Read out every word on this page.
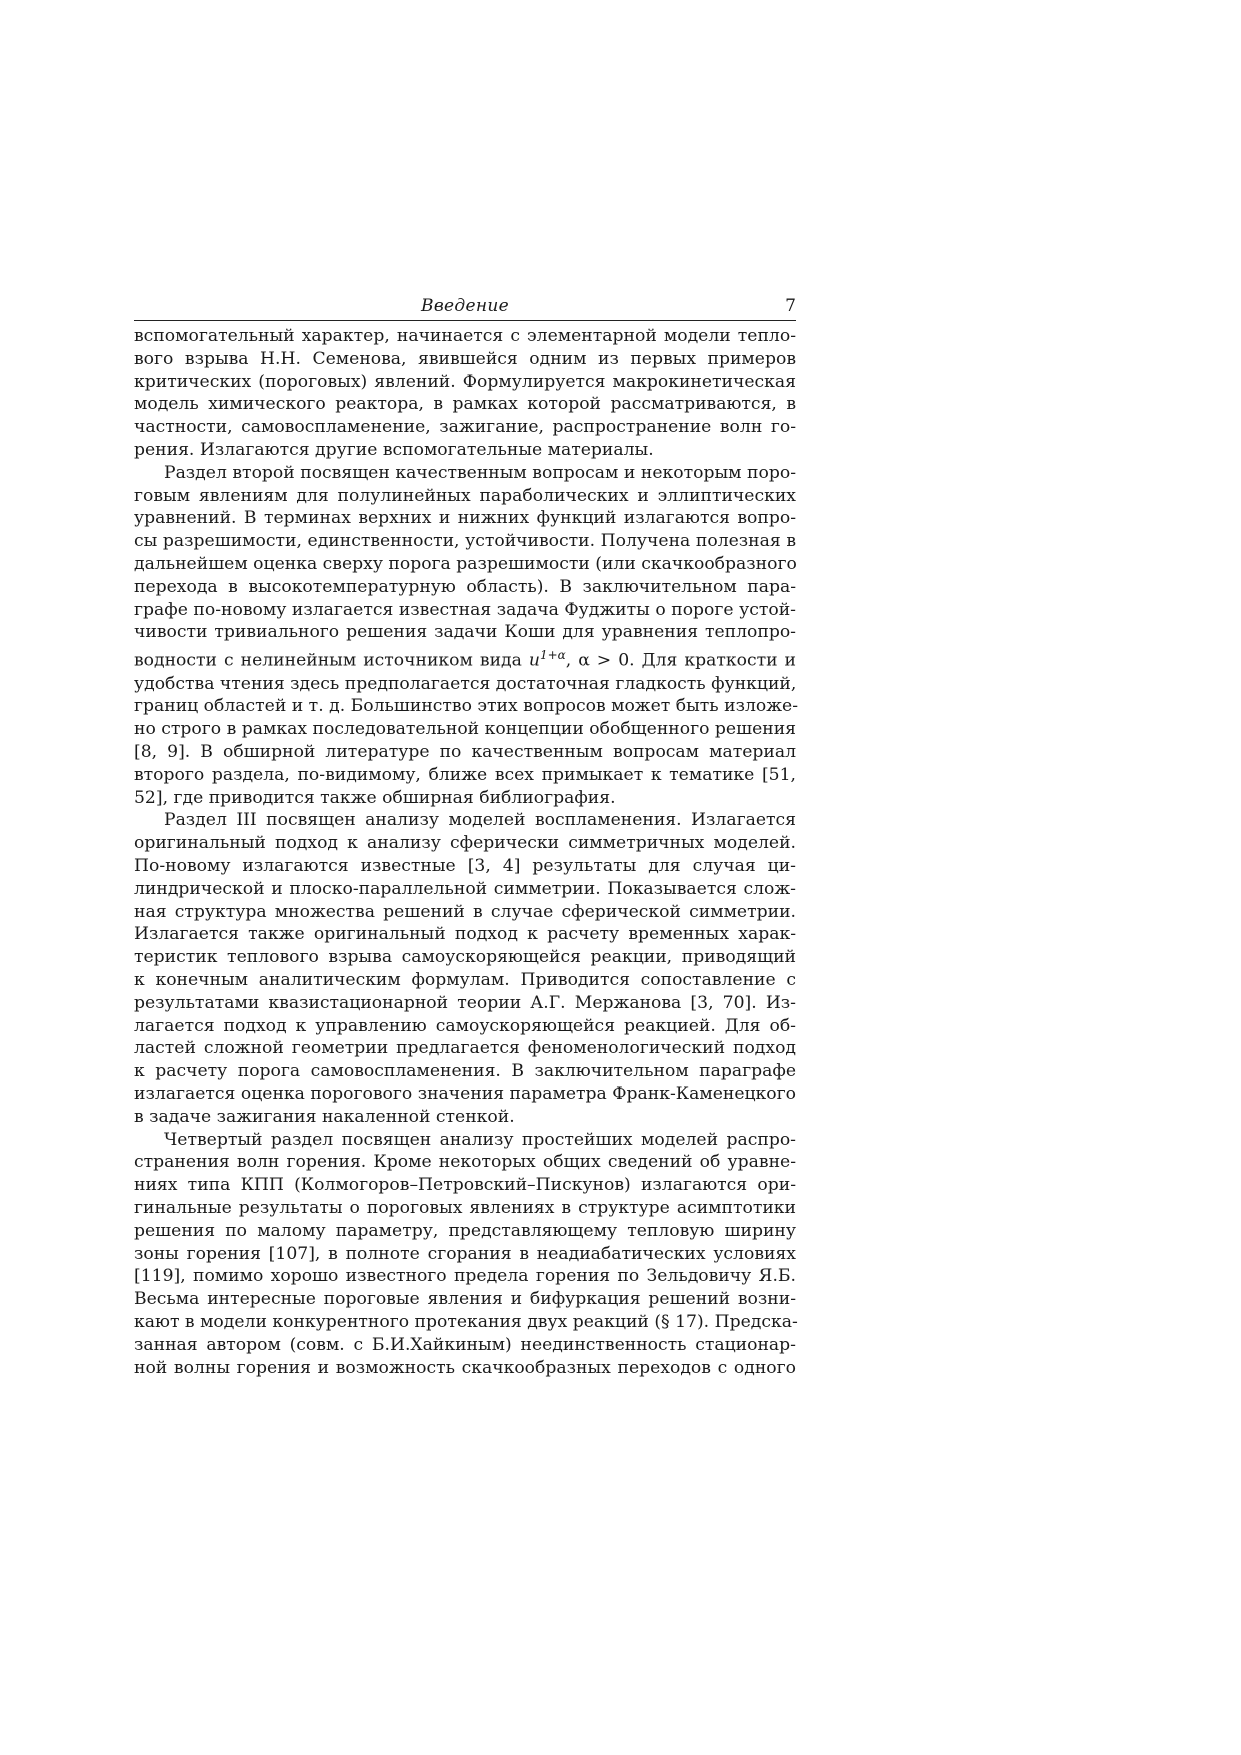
Введение	7

вспомогательный характер, начинается с элементарной модели тепло-
вого взрыва Н.Н. Семенова, явившейся одним из первых примеров
критических (пороговых) явлений. Формулируется макрокинетическая
модель химического реактора, в рамках которой рассматриваются, в
частности, самовоспламенение, зажигание, распространение волн го-
рения. Излагаются другие вспомогательные материалы.

Раздел второй посвящен качественным вопросам и некоторым поро-
говым явлениям для полулинейных параболических и эллиптических
уравнений. В терминах верхних и нижних функций излагаются вопро-
сы разрешимости, единственности, устойчивости. Получена полезная в
дальнейшем оценка сверху порога разрешимости (или скачкообразного
перехода в высокотемпературную область). В заключительном пара-
графе по-новому излагается известная задача Фуджиты о пороге устой-
чивости тривиального решения задачи Коши для уравнения теплопро-
водности с нелинейным источником вида $u^{1+\alpha}$, α > 0. Для краткости и
удобства чтения здесь предполагается достаточная гладкость функций,
границ областей и т. д. Большинство этих вопросов может быть изложе-
но строго в рамках последовательной концепции обобщенного решения
[8, 9]. В обширной литературе по качественным вопросам материал
второго раздела, по-видимому, ближе всех примыкает к тематике [51,
52], где приводится также обширная библиография.

Раздел III посвящен анализу моделей воспламенения. Излагается
оригинальный подход к анализу сферически симметричных моделей.
По-новому излагаются известные [3, 4] результаты для случая ци-
линдрической и плоско-параллельной симметрии. Показывается слож-
ная структура множества решений в случае сферической симметрии.
Излагается также оригинальный подход к расчету временных харак-
теристик теплового взрыва самоускоряющейся реакции, приводящий
к конечным аналитическим формулам. Приводится сопоставление с
результатами квазистационарной теории А.Г. Мержанова [3, 70]. Из-
лагается подход к управлению самоускоряющейся реакцией. Для об-
ластей сложной геометрии предлагается феноменологический подход
к расчету порога самовоспламенения. В заключительном параграфе
излагается оценка порогового значения параметра Франк-Каменецкого
в задаче зажигания накаленной стенкой.

Четвертый раздел посвящен анализу простейших моделей распро-
странения волн горения. Кроме некоторых общих сведений об уравне-
ниях типа КПП (Колмогоров–Петровский–Пискунов) излагаются ори-
гинальные результаты о пороговых явлениях в структуре асимптотики
решения по малому параметру, представляющему тепловую ширину
зоны горения [107], в полноте сгорания в неадиабатических условиях
[119], помимо хорошо известного предела горения по Зельдовичу Я.Б.
Весьма интересные пороговые явления и бифуркация решений возни-
кают в модели конкурентного протекания двух реакций (§ 17). Предска-
занная автором (совм. с Б.И.Хайкиным) неединственность стационар-
ной волны горения и возможность скачкообразных переходов с одного
